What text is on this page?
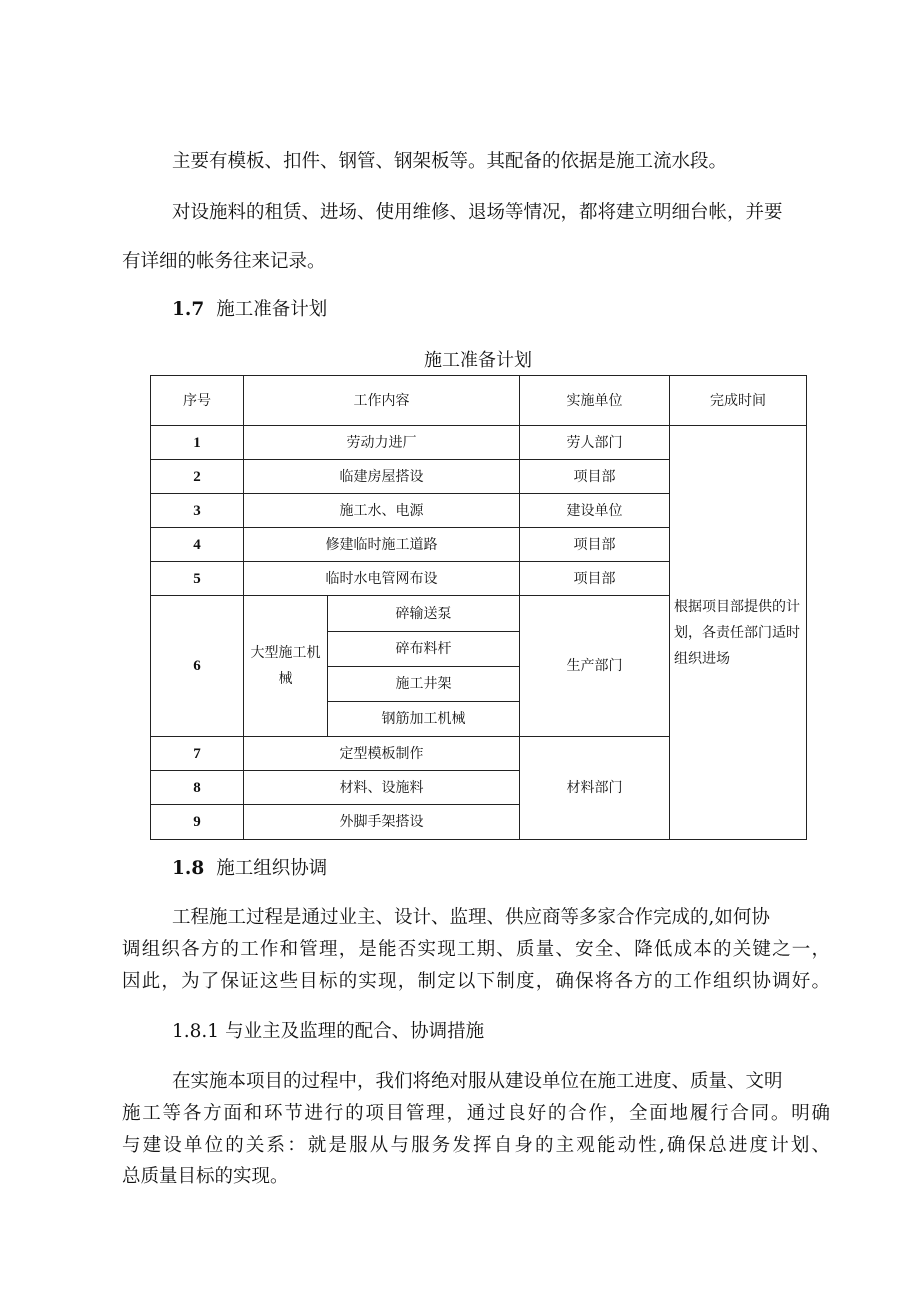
主要有模板、扣件、钢管、钢架板等。其配备的依据是施工流水段。

对设施料的租赁、进场、使用维修、退场等情况，都将建立明细台帐，并要

有详细的帐务往来记录。

1.7 施工准备计划
施工准备计划
序号	工作内容		实施单位	完成时间
1	劳动力进厂		劳人部门	根据项目部提供的计划，各责任部门适时组织进场
2	临建房屋搭设		项目部	
3	施工水、电源		建设单位	
4	修建临时施工道路		项目部	
5	临时水电管网布设		项目部	
6	大型施工机械	碎输送泵	生产部门	
		碎布料杆		
		施工井架		
		钢筋加工机械		
7	定型模板制作		材料部门	
8	材料、设施料			
9	外脚手架搭设			
1.8 施工组织协调

工程施工过程是通过业主、设计、监理、供应商等多家合作完成的,如何协

调组织各方的工作和管理，是能否实现工期、质量、安全、降低成本的关键之一，

因此，为了保证这些目标的实现，制定以下制度，确保将各方的工作组织协调好。

1.8.1 与业主及监理的配合、协调措施

在实施本项目的过程中，我们将绝对服从建设单位在施工进度、质量、文明

施工等各方面和环节进行的项目管理，通过良好的合作，全面地履行合同。明确

与建设单位的关系：就是服从与服务发挥自身的主观能动性,确保总进度计划、

总质量目标的实现。
